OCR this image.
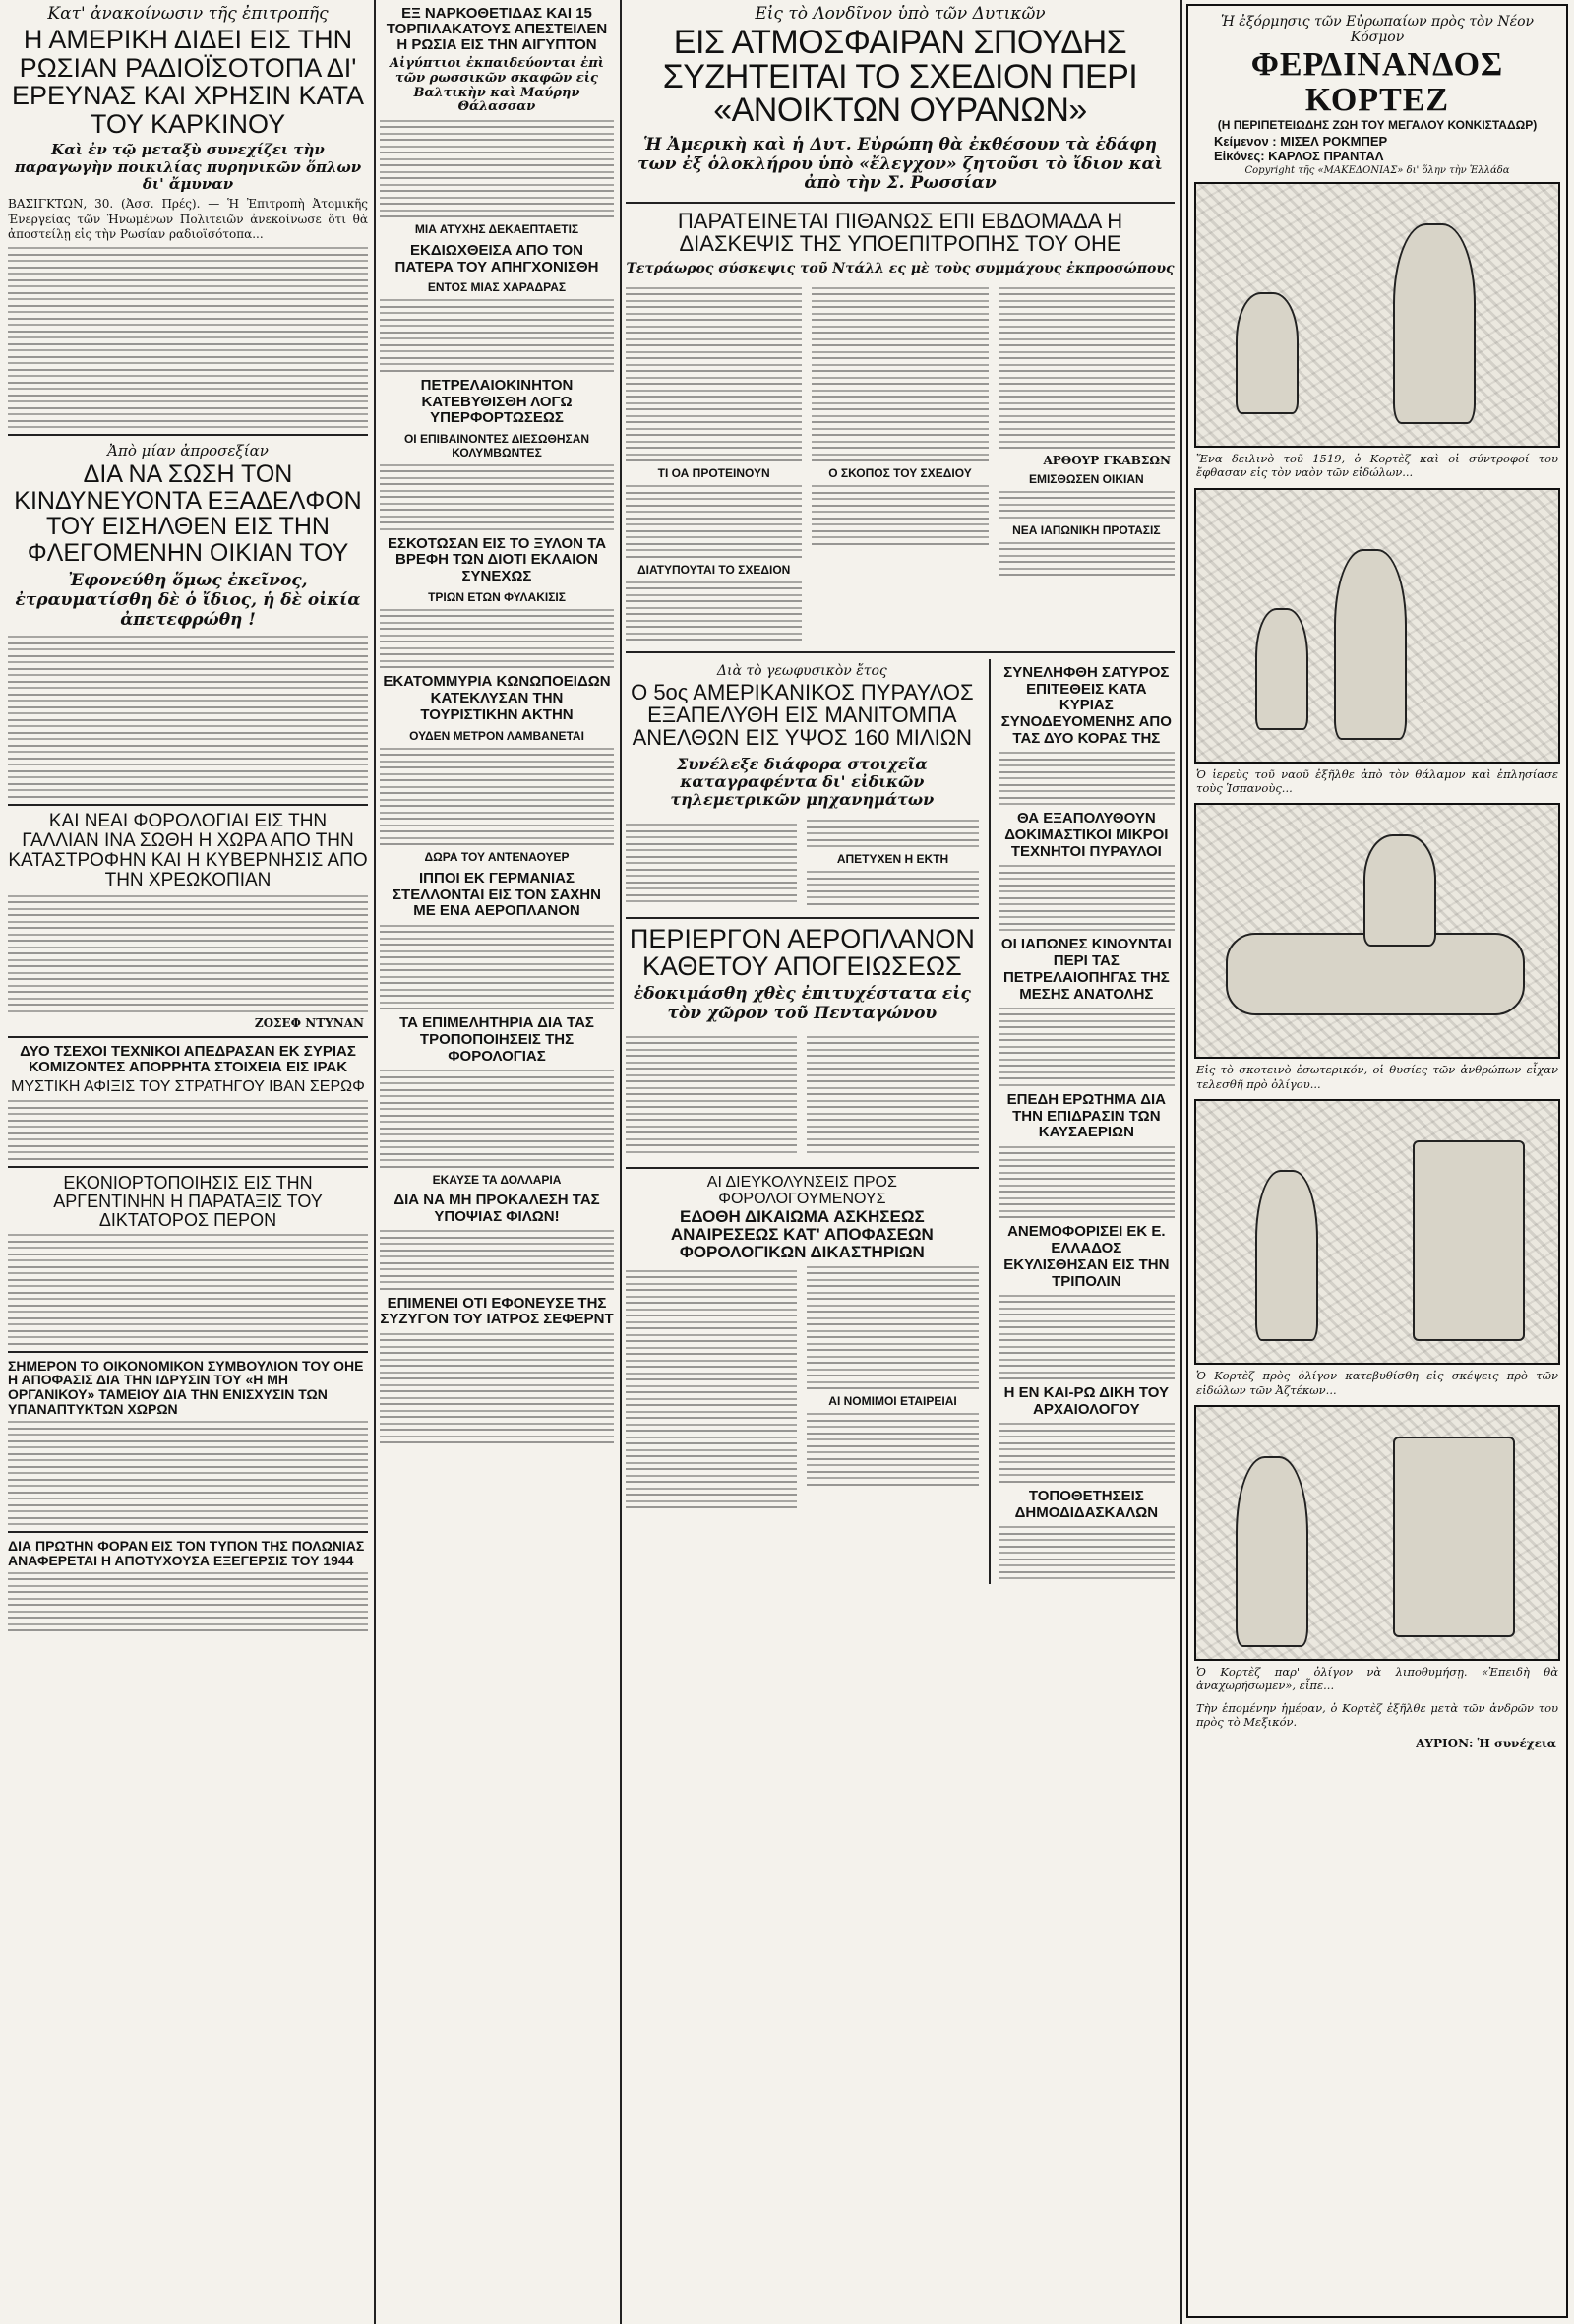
Κατ' ἀνακοίνωσιν τῆς ἐπιτροπῆς
Η ΑΜΕΡΙΚΗ ΔΙΔΕΙ ΕΙΣ ΤΗΝ ΡΩΣΙΑΝ ΡΑΔΙΟΪΣΟΤΟΠΑ ΔΙ' ΕΡΕΥΝΑΣ ΚΑΙ ΧΡΗΣΙΝ ΚΑΤΑ ΤΟΥ ΚΑΡΚΙΝΟΥ
Καὶ ἐν τῷ μεταξὺ συνεχίζει τὴν παραγωγὴν ποικιλίας πυρηνικῶν ὅπλων δι' ἄμυναν
ΒΑΣΙΓΚΤΩΝ, 30. (Ἀσσ. Πρές). — Ἡ Ἐπιτροπὴ Ἀτομικῆς Ἐνεργείας τῶν Ἡνωμένων Πολιτειῶν ἀνεκοίνωσε ὅτι θὰ ἀποστείλῃ εἰς τὴν Ρωσίαν ραδιοϊσότοπα...
Ἀπὸ μίαν ἀπροσεξίαν
ΔΙΑ ΝΑ ΣΩΣΗ ΤΟΝ ΚΙΝΔΥΝΕΥΟΝΤΑ ΕΞΑΔΕΛΦΟΝ ΤΟΥ ΕΙΣΗΛΘΕΝ ΕΙΣ ΤΗΝ ΦΛΕΓΟΜΕΝΗΝ ΟΙΚΙΑΝ ΤΟΥ
Ἐφονεύθη ὅμως ἐκεῖνος, ἐτραυματίσθη δὲ ὁ ἴδιος, ἡ δὲ οἰκία ἀπετεφρώθη !
ΚΑΙ ΝΕΑΙ ΦΟΡΟΛΟΓΙΑΙ ΕΙΣ ΤΗΝ ΓΑΛΛΙΑΝ ΙΝΑ ΣΩΘΗ Η ΧΩΡΑ ΑΠΟ ΤΗΝ ΚΑΤΑΣΤΡΟΦΗΝ ΚΑΙ Η ΚΥΒΕΡΝΗΣΙΣ ΑΠΟ ΤΗΝ ΧΡΕΩΚΟΠΙΑΝ
ΖΟΣΕΦ ΝΤΥΝΑΝ
ΔΥΟ ΤΣΕΧΟΙ ΤΕΧΝΙΚΟΙ ΑΠΕΔΡΑΣΑΝ ΕΚ ΣΥΡΙΑΣ ΚΟΜΙΖΟΝΤΕΣ ΑΠΟΡΡΗΤΑ ΣΤΟΙΧΕΙΑ ΕΙΣ ΙΡΑΚ
ΜΥΣΤΙΚΗ ΑΦΙΞΙΣ ΤΟΥ ΣΤΡΑΤΗΓΟΥ ΙΒΑΝ ΣΕΡΩΦ
ΕΚΟΝΙΟΡΤΟΠΟΙΗΣΙΣ ΕΙΣ ΤΗΝ ΑΡΓΕΝΤΙΝΗΝ Η ΠΑΡΑΤΑΞΙΣ ΤΟΥ ΔΙΚΤΑΤΟΡΟΣ ΠΕΡΟΝ
ΣΗΜΕΡΟΝ ΤΟ ΟΙΚΟΝΟΜΙΚΟΝ ΣΥΜΒΟΥΛΙΟΝ ΤΟΥ ΟΗΕ Η ΑΠΟΦΑΣΙΣ ΔΙΑ ΤΗΝ ΙΔΡΥΣΙΝ ΤΟΥ «Η ΜΗ ΟΡΓΑΝΙΚΟΥ» ΤΑΜΕΙΟΥ ΔΙΑ ΤΗΝ ΕΝΙΣΧΥΣΙΝ ΤΩΝ ΥΠΑΝΑΠΤΥΚΤΩΝ ΧΩΡΩΝ
ΔΙΑ ΠΡΩΤΗΝ ΦΟΡΑΝ ΕΙΣ ΤΟΝ ΤΥΠΟΝ ΤΗΣ ΠΟΛΩΝΙΑΣ ΑΝΑΦΕΡΕΤΑΙ Η ΑΠΟΤΥΧΟΥΣΑ ΕΞΕΓΕΡΣΙΣ ΤΟΥ 1944
ΕΞ ΝΑΡΚΟΘΕΤΙΔΑΣ ΚΑΙ 15 ΤΟΡΠΙΛΑΚΑΤΟΥΣ ΑΠΕΣΤΕΙΛΕΝ Η ΡΩΣΙΑ ΕΙΣ ΤΗΝ ΑΙΓΥΠΤΟΝ
Αἰγύπτιοι ἐκπαιδεύονται ἐπὶ τῶν ρωσσικῶν σκαφῶν εἰς Βαλτικὴν καὶ Μαύρην Θάλασσαν
ΜΙΑ ΑΤΥΧΗΣ ΔΕΚΑΕΠΤΑΕΤΙΣ
ΕΚΔΙΩΧΘΕΙΣΑ ΑΠΟ ΤΟΝ ΠΑΤΕΡΑ ΤΟΥ ΑΠΗΓΧΟΝΙΣΘΗ
ΕΝΤΟΣ ΜΙΑΣ ΧΑΡΑΔΡΑΣ
ΠΕΤΡΕΛΑΙΟΚΙΝΗΤΟΝ ΚΑΤΕΒΥΘΙΣΘΗ ΛΟΓΩ ΥΠΕΡΦΟΡΤΩΣΕΩΣ
ΟΙ ΕΠΙΒΑΙΝΟΝΤΕΣ ΔΙΕΣΩΘΗΣΑΝ ΚΟΛΥΜΒΩΝΤΕΣ
ΕΣΚΟΤΩΣΑΝ ΕΙΣ ΤΟ ΞΥΛΟΝ ΤΑ ΒΡΕΦΗ ΤΩΝ ΔΙΟΤΙ ΕΚΛΑΙΟΝ ΣΥΝΕΧΩΣ
ΤΡΙΩΝ ΕΤΩΝ ΦΥΛΑΚΙΣΙΣ
ΕΚΑΤΟΜΜΥΡΙΑ ΚΩΝΩΠΟΕΙΔΩΝ ΚΑΤΕΚΛΥΣΑΝ ΤΗΝ ΤΟΥΡΙΣΤΙΚΗΝ ΑΚΤΗΝ
ΟΥΔΕΝ ΜΕΤΡΟΝ ΛΑΜΒΑΝΕΤΑΙ
ΔΩΡΑ ΤΟΥ ΑΝΤΕΝΑΟΥΕΡ
ΙΠΠΟΙ ΕΚ ΓΕΡΜΑΝΙΑΣ ΣΤΕΛΛΟΝΤΑΙ ΕΙΣ ΤΟΝ ΣΑΧΗΝ ΜΕ ΕΝΑ ΑΕΡΟΠΛΑΝΟΝ
ΤΑ ΕΠΙΜΕΛΗΤΗΡΙΑ ΔΙΑ ΤΑΣ ΤΡΟΠΟΠΟΙΗΣΕΙΣ ΤΗΣ ΦΟΡΟΛΟΓΙΑΣ
ΕΚΑΥΣΕ ΤΑ ΔΟΛΛΑΡΙΑ
ΔΙΑ ΝΑ ΜΗ ΠΡΟΚΑΛΕΣΗ ΤΑΣ ΥΠΟΨΙΑΣ ΦΙΛΩΝ!
ΕΠΙΜΕΝΕΙ ΟΤΙ ΕΦΟΝΕΥΣΕ ΤΗΣ ΣΥΖΥΓΟΝ ΤΟΥ ΙΑΤΡΟΣ ΣΕΦΕΡΝΤ
Εἰς τὸ Λονδῖνον ὑπὸ τῶν Δυτικῶν
ΕΙΣ ΑΤΜΟΣΦΑΙΡΑΝ ΣΠΟΥΔΗΣ ΣΥΖΗΤΕΙΤΑΙ ΤΟ ΣΧΕΔΙΟΝ ΠΕΡΙ «ΑΝΟΙΚΤΩΝ ΟΥΡΑΝΩΝ»
Ἡ Ἀμερικὴ καὶ ἡ Δυτ. Εὐρώπη θὰ ἐκθέσουν τὰ ἐδάφη των ἐξ ὁλοκλήρου ὑπὸ «ἔλεγχον» ζητοῦσι τὸ ἴδιον καὶ ἀπὸ τὴν Σ. Ρωσσίαν
ΠΑΡΑΤΕΙΝΕΤΑΙ ΠΙΘΑΝΩΣ ΕΠΙ ΕΒΔΟΜΑΔΑ Η ΔΙΑΣΚΕΨΙΣ ΤΗΣ ΥΠΟΕΠΙΤΡΟΠΗΣ ΤΟΥ ΟΗΕ
Τετράωρος σύσκεψις τοῦ Ντάλλ ες μὲ τοὺς συμμάχους ἐκπροσώπους
ΤΙ ΟΑ ΠΡΟΤΕΙΝΟΥΝ
ΔΙΑΤΥΠΟΥΤΑΙ ΤΟ ΣΧΕΔΙΟΝ
Ο ΣΚΟΠΟΣ ΤΟΥ ΣΧΕΔΙΟΥ
ΑΡΘΟΥΡ ΓΚΑΒΣΩΝ
ΕΜΙΣΘΩΣΕΝ ΟΙΚΙΑΝ
ΝΕΑ ΙΑΠΩΝΙΚΗ ΠΡΟΤΑΣΙΣ
Διὰ τὸ γεωφυσικὸν ἔτος
Ο 5ος ΑΜΕΡΙΚΑΝΙΚΟΣ ΠΥΡΑΥΛΟΣ ΕΞΑΠΕΛΥΘΗ ΕΙΣ ΜΑΝΙΤΟΜΠΑ ΑΝΕΛΘΩΝ ΕΙΣ ΥΨΟΣ 160 ΜΙΛΙΩΝ
Συνέλεξε διάφορα στοιχεῖα καταγραφέντα δι' εἰδικῶν τηλεμετρικῶν μηχανημάτων
ΑΠΕΤΥΧΕΝ Η ΕΚΤΗ
ΠΕΡΙΕΡΓΟΝ ΑΕΡΟΠΛΑΝΟΝ ΚΑΘΕΤΟΥ ΑΠΟΓΕΙΩΣΕΩΣ
ἐδοκιμάσθη χθὲς ἐπιτυχέστατα εἰς τὸν χῶρον τοῦ Πενταγώνου
ΑΙ ΔΙΕΥΚΟΛΥΝΣΕΙΣ ΠΡΟΣ ΦΟΡΟΛΟΓΟΥΜΕΝΟΥΣ
ΕΔΟΘΗ ΔΙΚΑΙΩΜΑ ΑΣΚΗΣΕΩΣ ΑΝΑΙΡΕΣΕΩΣ ΚΑΤ' ΑΠΟΦΑΣΕΩΝ ΦΟΡΟΛΟΓΙΚΩΝ ΔΙΚΑΣΤΗΡΙΩΝ
ΑΙ ΝΟΜΙΜΟΙ ΕΤΑΙΡΕΙΑΙ
ΣΥΝΕΛΗΦΘΗ ΣΑΤΥΡΟΣ ΕΠΙΤΕΘΕΙΣ ΚΑΤΑ ΚΥΡΙΑΣ ΣΥΝΟΔΕΥΟΜΕΝΗΣ ΑΠΟ ΤΑΣ ΔΥΟ ΚΟΡΑΣ ΤΗΣ
ΘΑ ΕΞΑΠΟΛΥΘΟΥΝ ΔΟΚΙΜΑΣΤΙΚΟΙ ΜΙΚΡΟΙ ΤΕΧΝΗΤΟΙ ΠΥΡΑΥΛΟΙ
ΟΙ ΙΑΠΩΝΕΣ ΚΙΝΟΥΝΤΑΙ ΠΕΡΙ ΤΑΣ ΠΕΤΡΕΛΑΙΟΠΗΓΑΣ ΤΗΣ ΜΕΣΗΣ ΑΝΑΤΟΛΗΣ
ΕΠΕΔΗ ΕΡΩΤΗΜΑ ΔΙΑ ΤΗΝ ΕΠΙΔΡΑΣΙΝ ΤΩΝ ΚΑΥΣΑΕΡΙΩΝ
ΑΝΕΜΟΦΟΡΙΣΕΙ ΕΚ Ε. ΕΛΛΑΔΟΣ ΕΚΥΛΙΣΘΗΣΑΝ ΕΙΣ ΤΗΝ ΤΡΙΠΟΛΙΝ
Η ΕΝ ΚΑΙ-ΡΩ ΔΙΚΗ ΤΟΥ ΑΡΧΑΙΟΛΟΓΟΥ
ΤΟΠΟΘΕΤΗΣΕΙΣ ΔΗΜΟΔΙΔΑΣΚΑΛΩΝ
Ἡ ἐξόρμησις τῶν Εὐρωπαίων πρὸς τὸν Νέον Κόσμον
ΦΕΡΔΙΝΑΝΔΟΣ ΚΟΡΤΕΖ
(Η ΠΕΡΙΠΕΤΕΙΩΔΗΣ ΖΩΗ ΤΟΥ ΜΕΓΑΛΟΥ ΚΟΝΚΙΣΤΑΔΩΡ)
Κείμενον : ΜΙΣΕΛ ΡΟΚΜΠΕΡ
Εἰκόνες: ΚΑΡΛΟΣ ΠΡΑΝΤΑΛ
Copyright τῆς «ΜΑΚΕΔΟΝΙΑΣ» δι' ὅλην τὴν Ἑλλάδα
Ἕνα δειλινὸ τοῦ 1519, ὁ Κορτὲζ καὶ οἱ σύντροφοί του ἔφθασαν εἰς τὸν ναὸν τῶν εἰδώλων...
Ὁ ἱερεὺς τοῦ ναοῦ ἐξῆλθε ἀπὸ τὸν θάλαμον καὶ ἐπλησίασε τοὺς Ἱσπανοὺς...
Εἰς τὸ σκοτεινὸ ἐσωτερικόν, οἱ θυσίες τῶν ἀνθρώπων εἶχαν τελεσθῆ πρὸ ὀλίγου...
Ὁ Κορτὲζ πρὸς ὀλίγον κατεβυθίσθη εἰς σκέψεις πρὸ τῶν εἰδώλων τῶν Ἀζτέκων...
Ὁ Κορτὲζ παρ' ὀλίγον νὰ λιποθυμήσῃ. «Ἐπειδὴ θὰ ἀναχωρήσωμεν», εἶπε...
Τὴν ἑπομένην ἡμέραν, ὁ Κορτὲζ ἐξῆλθε μετὰ τῶν ἀνδρῶν του πρὸς τὸ Μεξικόν.
ΑΥΡΙΟΝ: Ἡ συνέχεια
